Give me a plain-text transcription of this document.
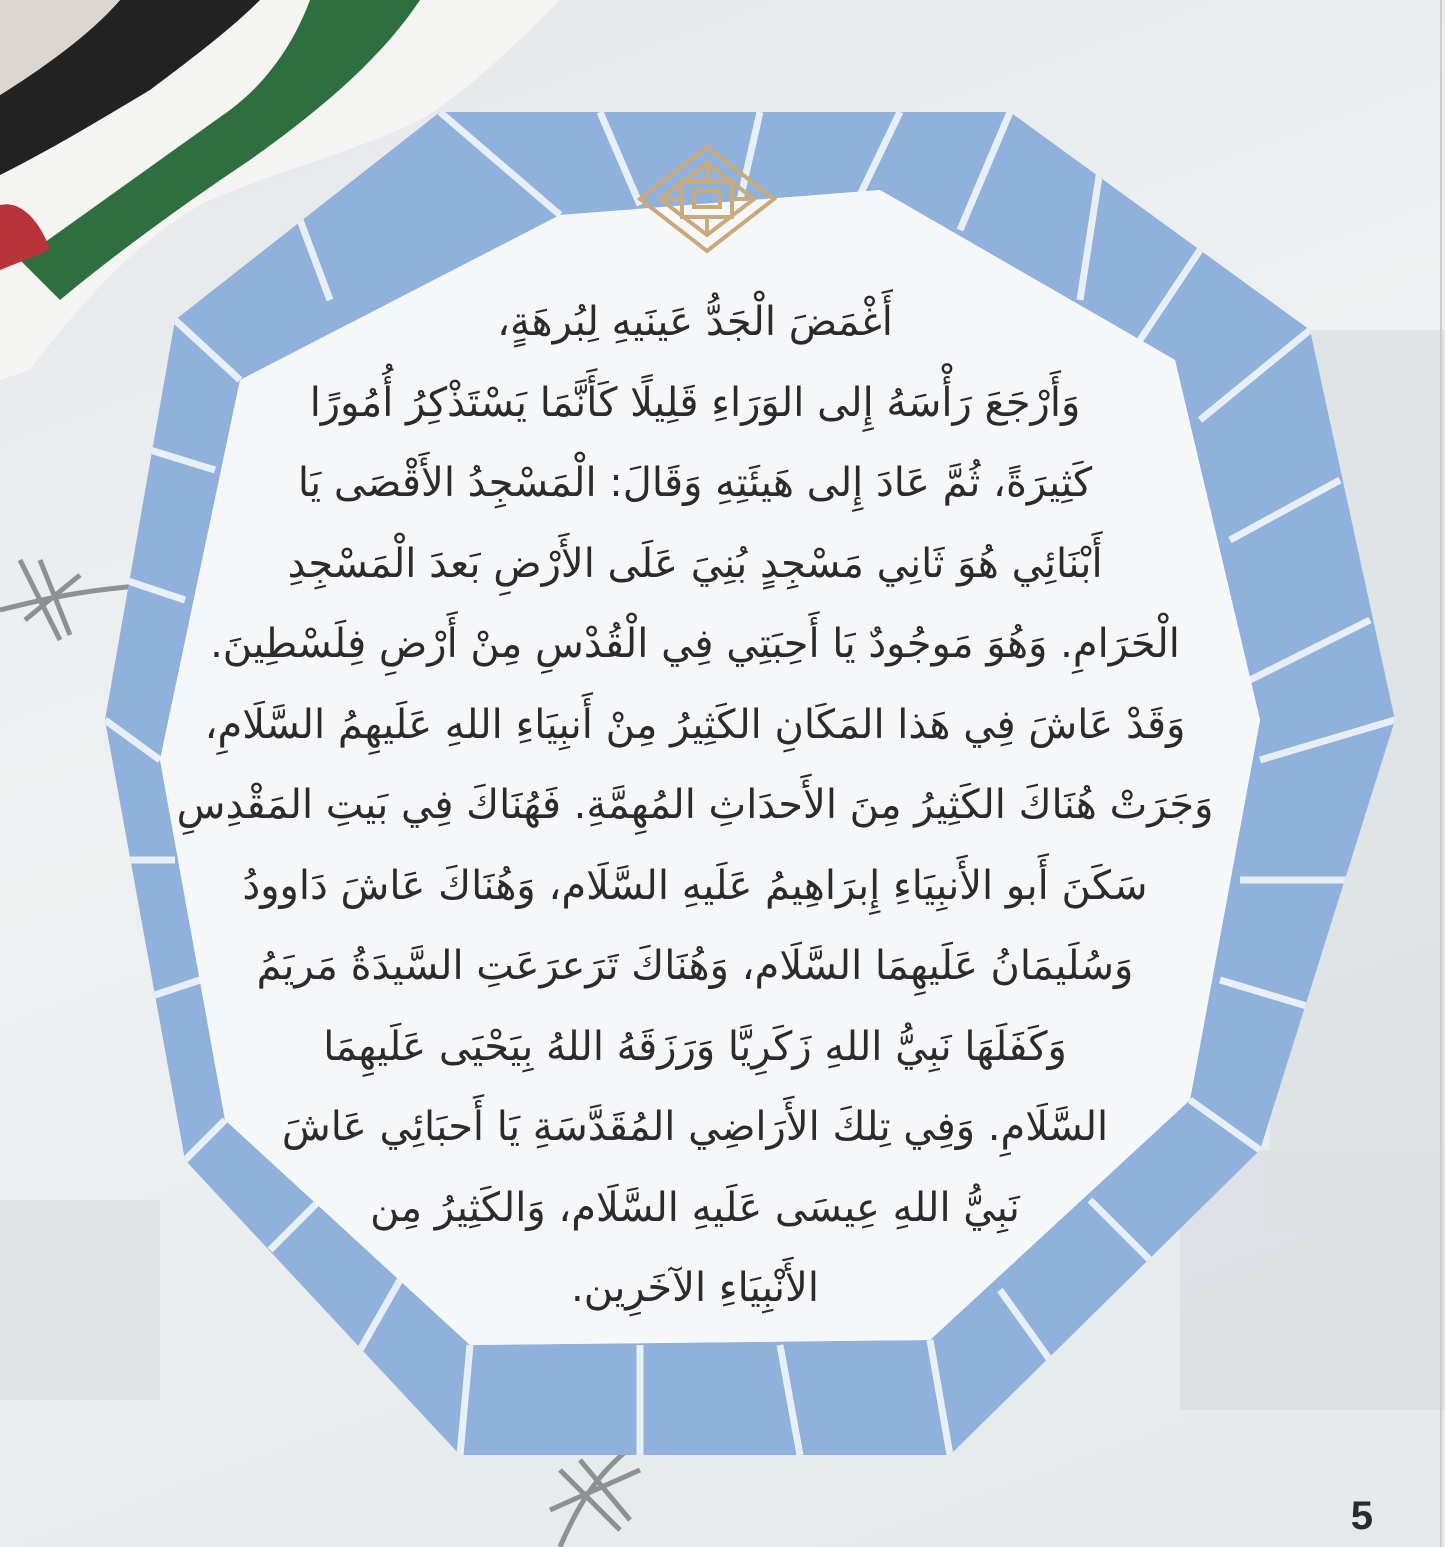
أَغْمَضَ الْجَدُّ عَينَيهِ لِبُرهَةٍ،
وَأَرْجَعَ رَأْسَهُ إِلى الوَرَاءِ قَلِيلًا كَأَنَّمَا يَسْتَذْكِرُ أُمُورًا
كَثِيرَةً، ثُمَّ عَادَ إِلى هَيئَتِهِ وَقَالَ: الْمَسْجِدُ الأَقْصَى يَا
أَبْنَائِي هُوَ ثَانِي مَسْجِدٍ بُنِيَ عَلَى الأَرْضِ بَعدَ الْمَسْجِدِ
الْحَرَامِ. وَهُوَ مَوجُودٌ يَا أَحِبَتِي فِي الْقُدْسِ مِنْ أَرْضِ فِلَسْطِينَ.
وَقَدْ عَاشَ فِي هَذا المَكَانِ الكَثِيرُ مِنْ أَنبِيَاءِ اللهِ عَلَيهِمُ السَّلَامِ،
وَجَرَتْ هُنَاكَ الكَثِيرُ مِنَ الأَحدَاثِ المُهِمَّةِ. فَهُنَاكَ فِي بَيتِ المَقْدِسِ
سَكَنَ أَبو الأَنبِيَاءِ إِبرَاهِيمُ عَلَيهِ السَّلَام، وَهُنَاكَ عَاشَ دَاوودُ
وَسُلَيمَانُ عَلَيهِمَا السَّلَام، وَهُنَاكَ تَرَعرَعَتِ السَّيدَةُ مَريَمُ
وَكَفَلَهَا نَبِيُّ اللهِ زَكَرِيَّا وَرَزَقَهُ اللهُ بِيَحْيَى عَلَيهِمَا
السَّلَامِ. وَفِي تِلكَ الأَرَاضِي المُقَدَّسَةِ يَا أَحبَائِي عَاشَ
نَبِيُّ اللهِ عِيسَى عَلَيهِ السَّلَام، وَالكَثِيرُ مِن
الأَنْبِيَاءِ الآخَرِين.
5
